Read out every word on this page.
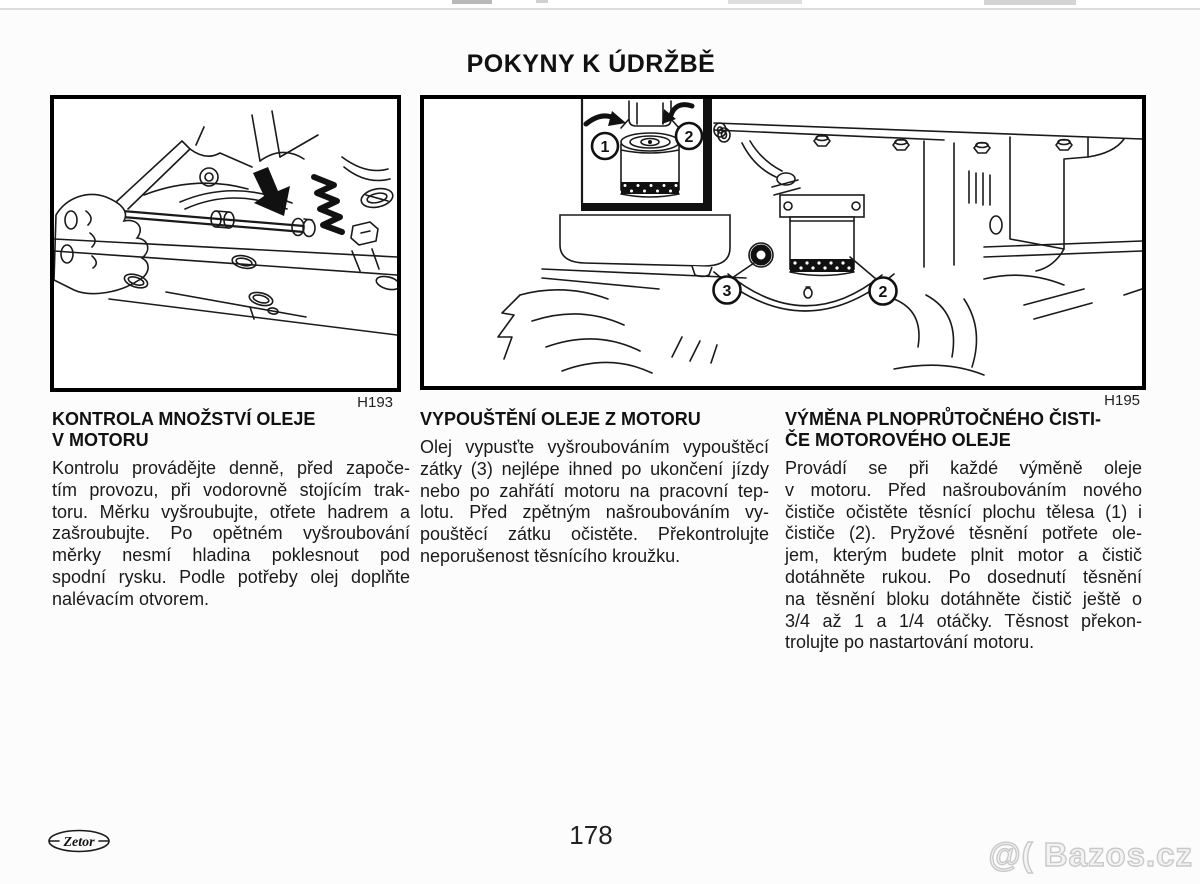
POKYNY K ÚDRŽBĚ
H193
3	2
1
2
H195
KONTROLA MNOŽSTVÍ OLEJE
V MOTORU

Kontrolu provádějte denně, před započe-
tím provozu, při vodorovně stojícím trak-
toru. Měrku vyšroubujte, otřete hadrem a
zašroubujte. Po opětném vyšroubování
měrky nesmí hladina poklesnout pod
spodní rysku. Podle potřeby olej doplňte
nalévacím otvorem.

VYPOUŠTĚNÍ OLEJE Z MOTORU

Olej vypusťte vyšroubováním vypouštěcí
zátky (3) nejlépe ihned po ukončení jízdy
nebo po zahřátí motoru na pracovní tep-
lotu. Před zpětným našroubováním vy-
pouštěcí zátku očistěte. Překontrolujte
neporušenost těsnícího kroužku.

VÝMĚNA PLNOPRŮTOČNÉHO ČISTI-
ČE MOTOROVÉHO OLEJE

Provádí se při každé výměně oleje
v motoru. Před našroubováním nového
čističe očistěte těsnící plochu tělesa (1) i
čističe (2). Pryžové těsnění potřete ole-
jem, kterým budete plnit motor a čistič
dotáhněte rukou. Po dosednutí těsnění
na těsnění bloku dotáhněte čistič ještě o
3/4 až 1 a 1/4 otáčky. Těsnost překon-
trolujte po nastartování motoru.

Zetor	178
@( Bazos.cz
